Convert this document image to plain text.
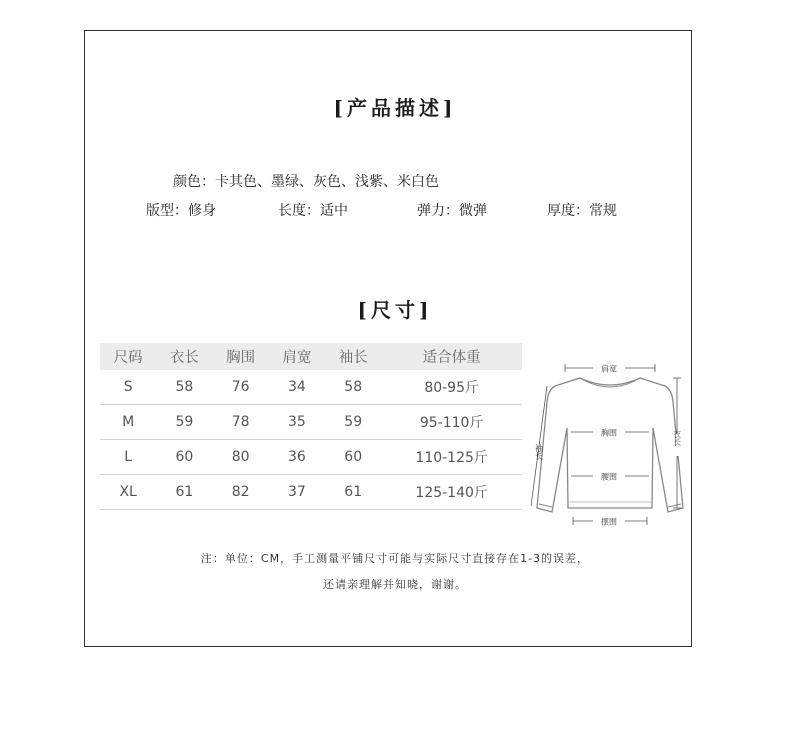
[产品描述]
颜色：卡其色、墨绿、灰色、浅紫、米白色
版型：修身	长度：适中	弹力：微弹	厚度：常规
[尺寸]
尺码	衣长	胸围	肩宽	袖长	适合体重
S	58	76	34	58	80-95斤
M	59	78	35	59	95-110斤
L	60	80	36	60	110-125斤
XL	61	82	37	61	125-140斤
肩宽
胸围
腰围
摆围
袖长
衣长
注：单位：CM，手工测量平铺尺寸可能与实际尺寸直接存在1-3的误差，
还请亲理解并知晓，谢谢。
